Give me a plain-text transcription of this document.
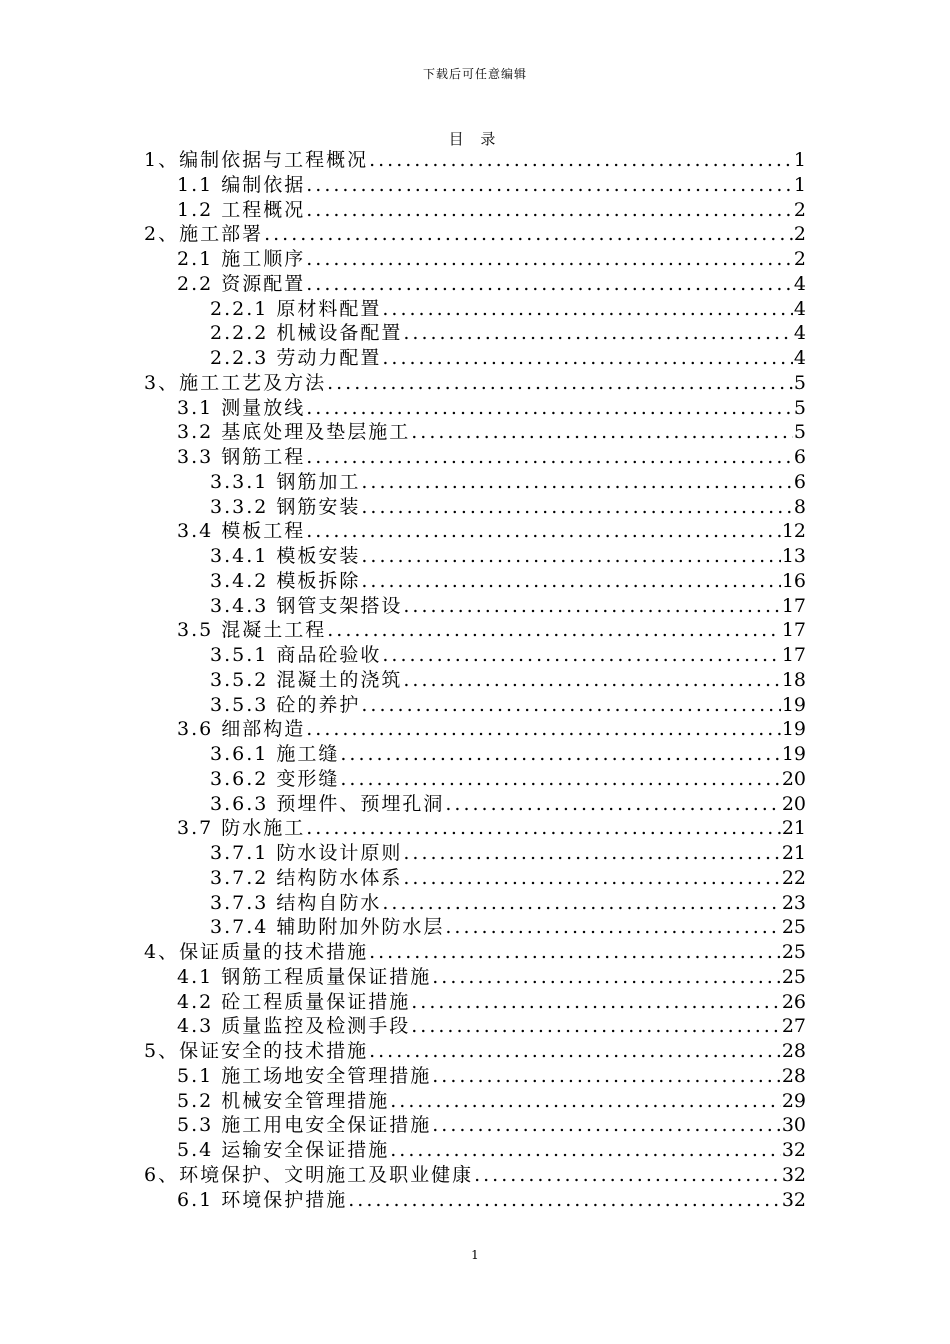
下载后可任意编辑
目 录
1、编制依据与工程概况 .....	1
1.1 编制依据 .....	1
1.2 工程概况 .....	2
2、施工部署 .....	2
2.1 施工顺序 .....	2
2.2 资源配置 .....	4
2.2.1 原材料配置 .....	4
2.2.2 机械设备配置 .....	4
2.2.3 劳动力配置 .....	4
3、施工工艺及方法 .....	5
3.1 测量放线 .....	5
3.2 基底处理及垫层施工 .....	5
3.3 钢筋工程 .....	6
3.3.1 钢筋加工 .....	6
3.3.2 钢筋安装 .....	8
3.4 模板工程 .....	12
3.4.1 模板安装 .....	13
3.4.2 模板拆除 .....	16
3.4.3 钢管支架搭设 .....	17
3.5 混凝土工程 .....	17
3.5.1 商品砼验收 .....	17
3.5.2 混凝土的浇筑 .....	18
3.5.3 砼的养护 .....	19
3.6 细部构造 .....	19
3.6.1 施工缝 .....	19
3.6.2 变形缝 .....	20
3.6.3 预埋件、预埋孔洞 .....	20
3.7 防水施工 .....	21
3.7.1 防水设计原则 .....	21
3.7.2 结构防水体系 .....	22
3.7.3 结构自防水 .....	23
3.7.4 辅助附加外防水层 .....	25
4、保证质量的技术措施 .....	25
4.1 钢筋工程质量保证措施 .....	25
4.2 砼工程质量保证措施 .....	26
4.3 质量监控及检测手段 .....	27
5、保证安全的技术措施 .....	28
5.1 施工场地安全管理措施 .....	28
5.2 机械安全管理措施 .....	29
5.3 施工用电安全保证措施 .....	30
5.4 运输安全保证措施 .....	32
6、环境保护、文明施工及职业健康 .....	32
6.1 环境保护措施 .....	32
1
